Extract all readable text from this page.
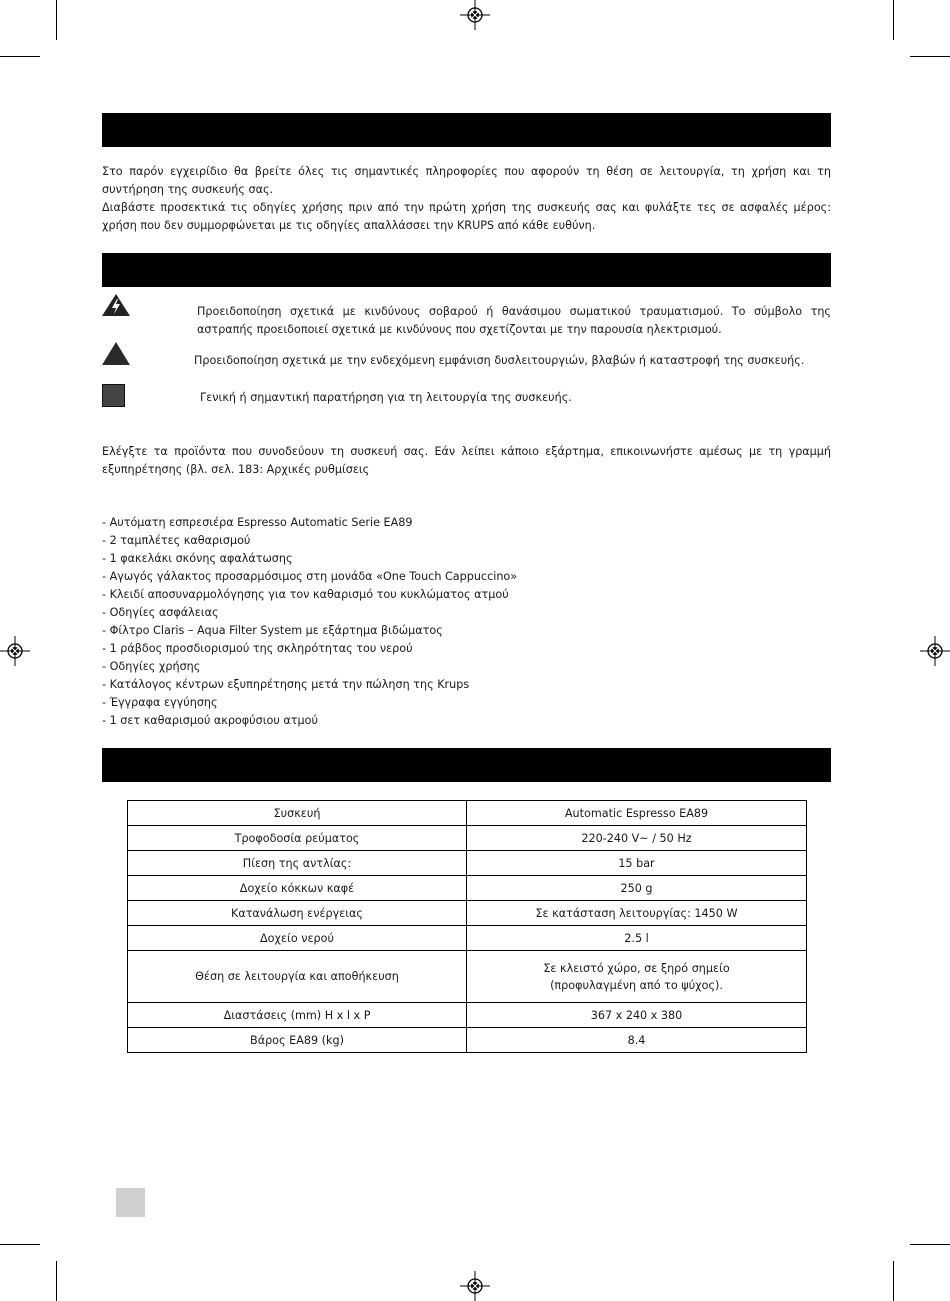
Στο παρόν εγχειρίδιο θα βρείτε όλες τις σημαντικές πληροφορίες που αφορούν τη θέση σε λειτουργία, τη χρήση και τη συντήρηση της συσκευής σας.

Διαβάστε προσεκτικά τις οδηγίες χρήσης πριν από την πρώτη χρήση της συσκευής σας και φυλάξτε τες σε ασφαλές μέρος: χρήση που δεν συμμορφώνεται με τις οδηγίες απαλλάσσει την KRUPS από κάθε ευθύνη.

Προειδοποίηση σχετικά με κινδύνους σοβαρού ή θανάσιμου σωματικού τραυματισμού. Το σύμβολο της αστραπής προειδοποιεί σχετικά με κινδύνους που σχετίζονται με την παρουσία ηλεκτρισμού.
Προειδοποίηση σχετικά με την ενδεχόμενη εμφάνιση δυσλειτουργιών, βλαβών ή καταστροφή της συσκευής.
Γενική ή σημαντική παρατήρηση για τη λειτουργία της συσκευής.
Ελέγξτε τα προϊόντα που συνοδεύουν τη συσκευή σας. Εάν λείπει κάποιο εξάρτημα, επικοινωνήστε αμέσως με τη γραμμή εξυπηρέτησης (βλ. σελ. 183: Αρχικές ρυθμίσεις
- Αυτόματη εσπρεσιέρα Espresso Automatic Serie EA89
- 2 ταμπλέτες καθαρισμού
- 1 φακελάκι σκόνης αφαλάτωσης
- Αγωγός γάλακτος προσαρμόσιμος στη μονάδα «One Touch Cappuccino»
- Κλειδί αποσυναρμολόγησης για τον καθαρισμό του κυκλώματος ατμού
- Οδηγίες ασφάλειας
- Φίλτρο Claris – Aqua Filter System με εξάρτημα βιδώματος
- 1 ράβδος προσδιορισμού της σκληρότητας του νερού
- Οδηγίες χρήσης
- Κατάλογος κέντρων εξυπηρέτησης μετά την πώληση της Krups
- Έγγραφα εγγύησης
- 1 σετ καθαρισμού ακροφύσιου ατμού
Συσκευή	Automatic Espresso EA89
Τροφοδοσία ρεύματος	220-240 V~ / 50 Hz
Πίεση της αντλίας:	15 bar
Δοχείο κόκκων καφέ	250 g
Κατανάλωση ενέργειας	Σε κατάσταση λειτουργίας: 1450 W
Δοχείο νερού	2.5 l
Θέση σε λειτουργία και αποθήκευση	Σε κλειστό χώρο, σε ξηρό σημείο
(προφυλαγμένη από το ψύχος).

Διαστάσεις (mm) H x l x P	367 x 240 x 380
Βάρος EA89 (kg)	8.4
